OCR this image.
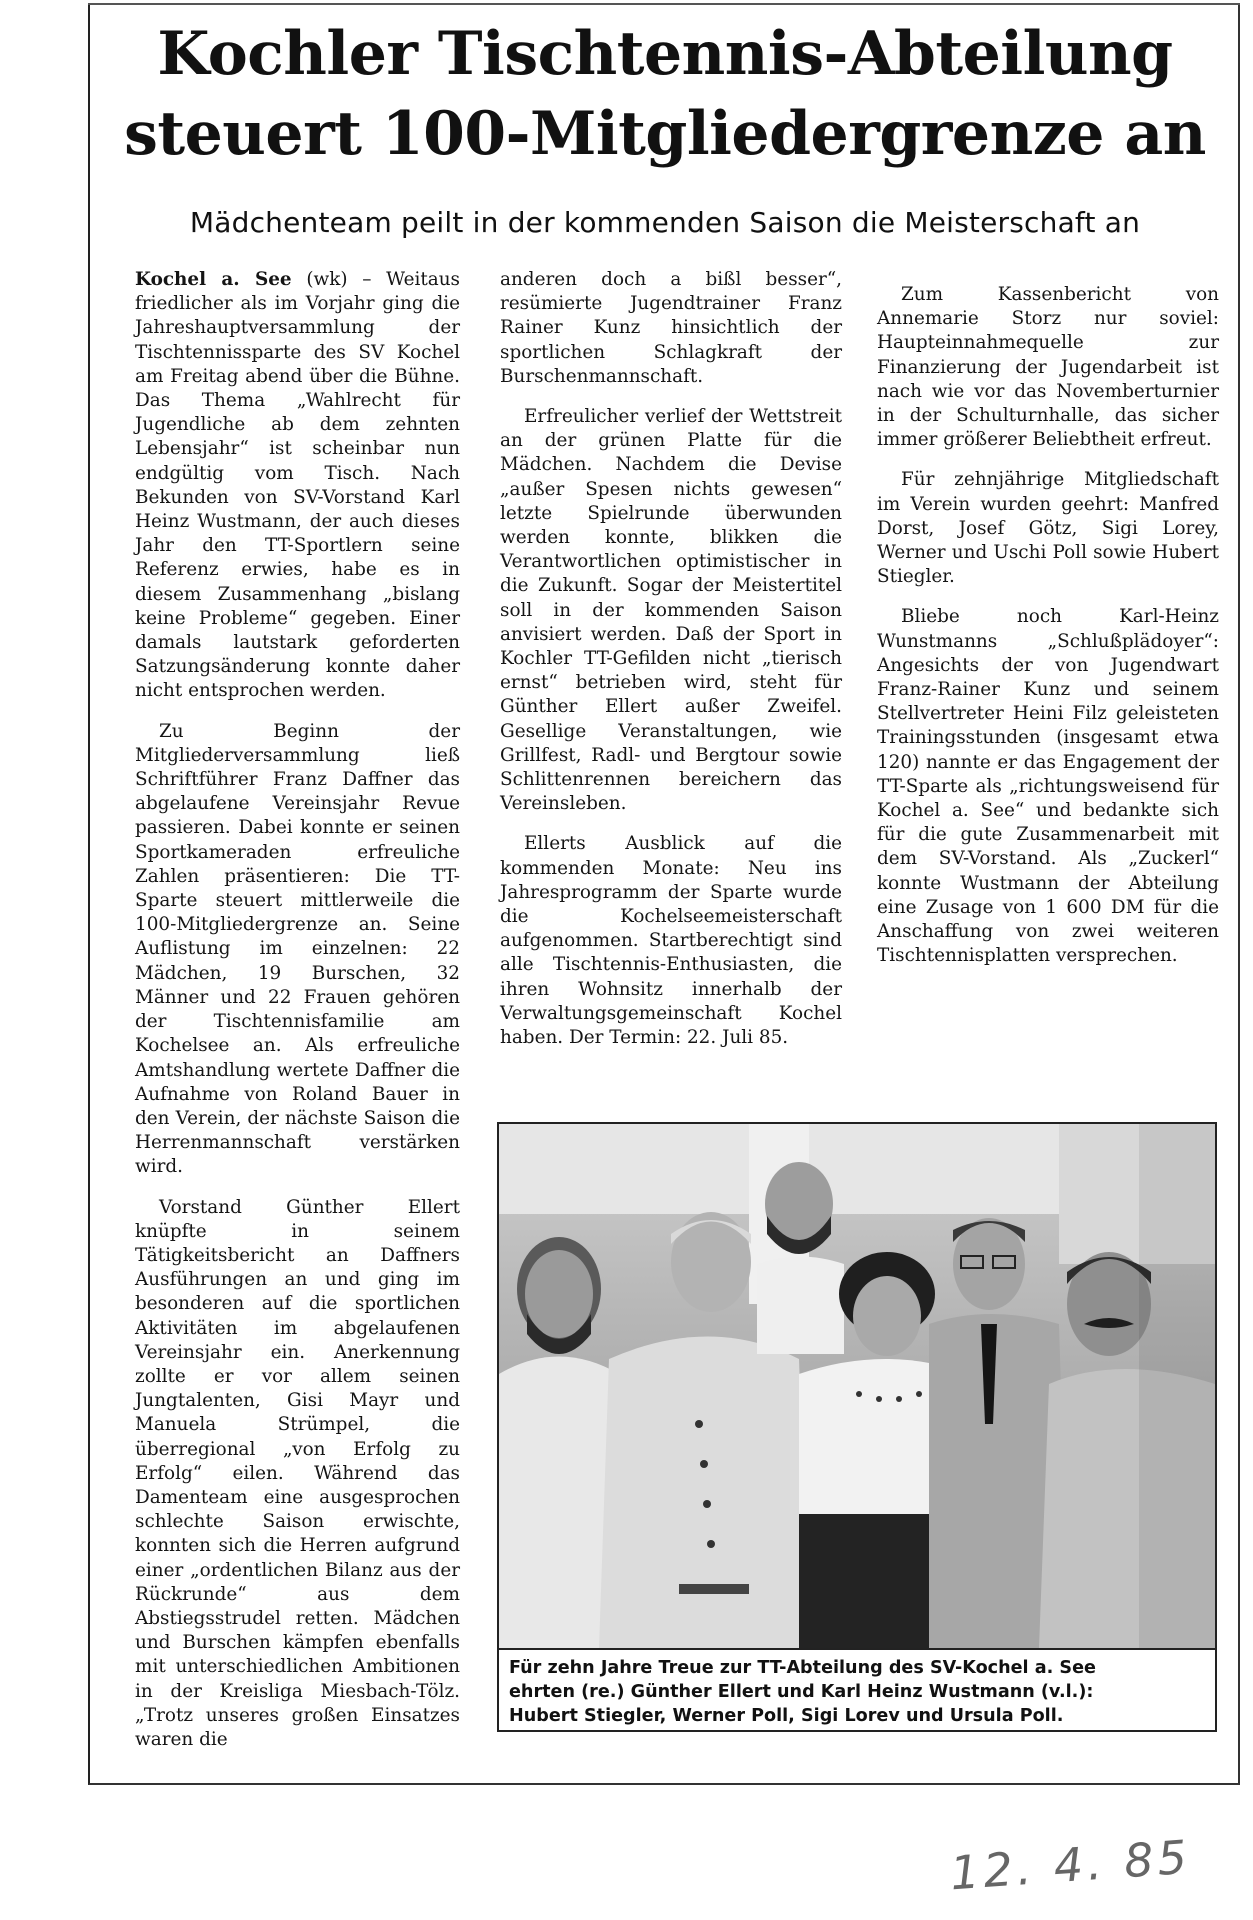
Kochler Tischtennis-Abteilung
steuert 100-Mitgliedergrenze an
Mädchenteam peilt in der kommenden Saison die Meisterschaft an

Kochel a. See (wk) – Weitaus friedlicher als im Vorjahr ging die Jahreshauptversammlung der Tischtennissparte des SV Kochel am Freitag abend über die Bühne. Das Thema „Wahlrecht für Jugendliche ab dem zehnten Lebensjahr“ ist scheinbar nun endgültig vom Tisch. Nach Bekunden von SV-Vorstand Karl Heinz Wustmann, der auch dieses Jahr den TT-Sportlern seine Referenz erwies, habe es in diesem Zusammenhang „bislang keine Probleme“ gegeben. Einer damals lautstark geforderten Satzungsänderung konnte daher nicht entsprochen werden.

Zu Beginn der Mitgliederversammlung ließ Schriftführer Franz Daffner das abgelaufene Vereinsjahr Revue passieren. Dabei konnte er seinen Sportkameraden erfreuliche Zahlen präsentieren: Die TT-Sparte steuert mittlerweile die 100-Mitgliedergrenze an. Seine Auflistung im einzelnen: 22 Mädchen, 19 Burschen, 32 Männer und 22 Frauen gehören der Tischtennisfamilie am Kochelsee an. Als erfreuliche Amtshandlung wertete Daffner die Aufnahme von Roland Bauer in den Verein, der nächste Saison die Herrenmannschaft verstärken wird.

Vorstand Günther Ellert knüpfte in seinem Tätigkeitsbericht an Daffners Ausführungen an und ging im besonderen auf die sportlichen Aktivitäten im abgelaufenen Vereinsjahr ein. Anerkennung zollte er vor allem seinen Jungtalenten, Gisi Mayr und Manuela Strümpel, die überregional „von Erfolg zu Erfolg“ eilen. Während das Damenteam eine ausgesprochen schlechte Saison erwischte, konnten sich die Herren aufgrund einer „ordentlichen Bilanz aus der Rückrunde“ aus dem Abstiegsstrudel retten. Mädchen und Burschen kämpfen ebenfalls mit unterschiedlichen Ambitionen in der Kreisliga Miesbach-Tölz. „Trotz unseres großen Einsatzes waren die

anderen doch a bißl besser“, resümierte Jugendtrainer Franz Rainer Kunz hinsichtlich der sportlichen Schlagkraft der Burschenmannschaft.

Erfreulicher verlief der Wettstreit an der grünen Platte für die Mädchen. Nachdem die Devise „außer Spesen nichts gewesen“ letzte Spielrunde überwunden werden konnte, blikken die Verantwortlichen optimistischer in die Zukunft. Sogar der Meistertitel soll in der kommenden Saison anvisiert werden. Daß der Sport in Kochler TT-Gefilden nicht „tierisch ernst“ betrieben wird, steht für Günther Ellert außer Zweifel. Gesellige Veranstaltungen, wie Grillfest, Radl- und Bergtour sowie Schlittenrennen bereichern das Vereinsleben.

Ellerts Ausblick auf die kommenden Monate: Neu ins Jahresprogramm der Sparte wurde die Kochelseemeisterschaft aufgenommen. Startberechtigt sind alle Tischtennis-Enthusiasten, die ihren Wohnsitz innerhalb der Verwaltungsgemeinschaft Kochel haben. Der Termin: 22. Juli 85.

Zum Kassenbericht von Annemarie Storz nur soviel: Haupteinnahmequelle zur Finanzierung der Jugendarbeit ist nach wie vor das Novemberturnier in der Schulturnhalle, das sicher immer größerer Beliebtheit erfreut.

Für zehnjährige Mitgliedschaft im Verein wurden geehrt: Manfred Dorst, Josef Götz, Sigi Lorey, Werner und Uschi Poll sowie Hubert Stiegler.

Bliebe noch Karl-Heinz Wunstmanns „Schlußplädoyer“: Angesichts der von Jugendwart Franz-Rainer Kunz und seinem Stellvertreter Heini Filz geleisteten Trainingsstunden (insgesamt etwa 120) nannte er das Engagement der TT-Sparte als „richtungsweisend für Kochel a. See“ und bedankte sich für die gute Zusammenarbeit mit dem SV-Vorstand. Als „Zuckerl“ konnte Wustmann der Abteilung eine Zusage von 1 600 DM für die Anschaffung von zwei weiteren Tischtennisplatten versprechen.

Für zehn Jahre Treue zur TT-Abteilung des SV-Kochel a. See
ehrten (re.) Günther Ellert und Karl Heinz Wustmann (v.l.):
Hubert Stiegler, Werner Poll, Sigi Lorev und Ursula Poll.
12. 4. 85
